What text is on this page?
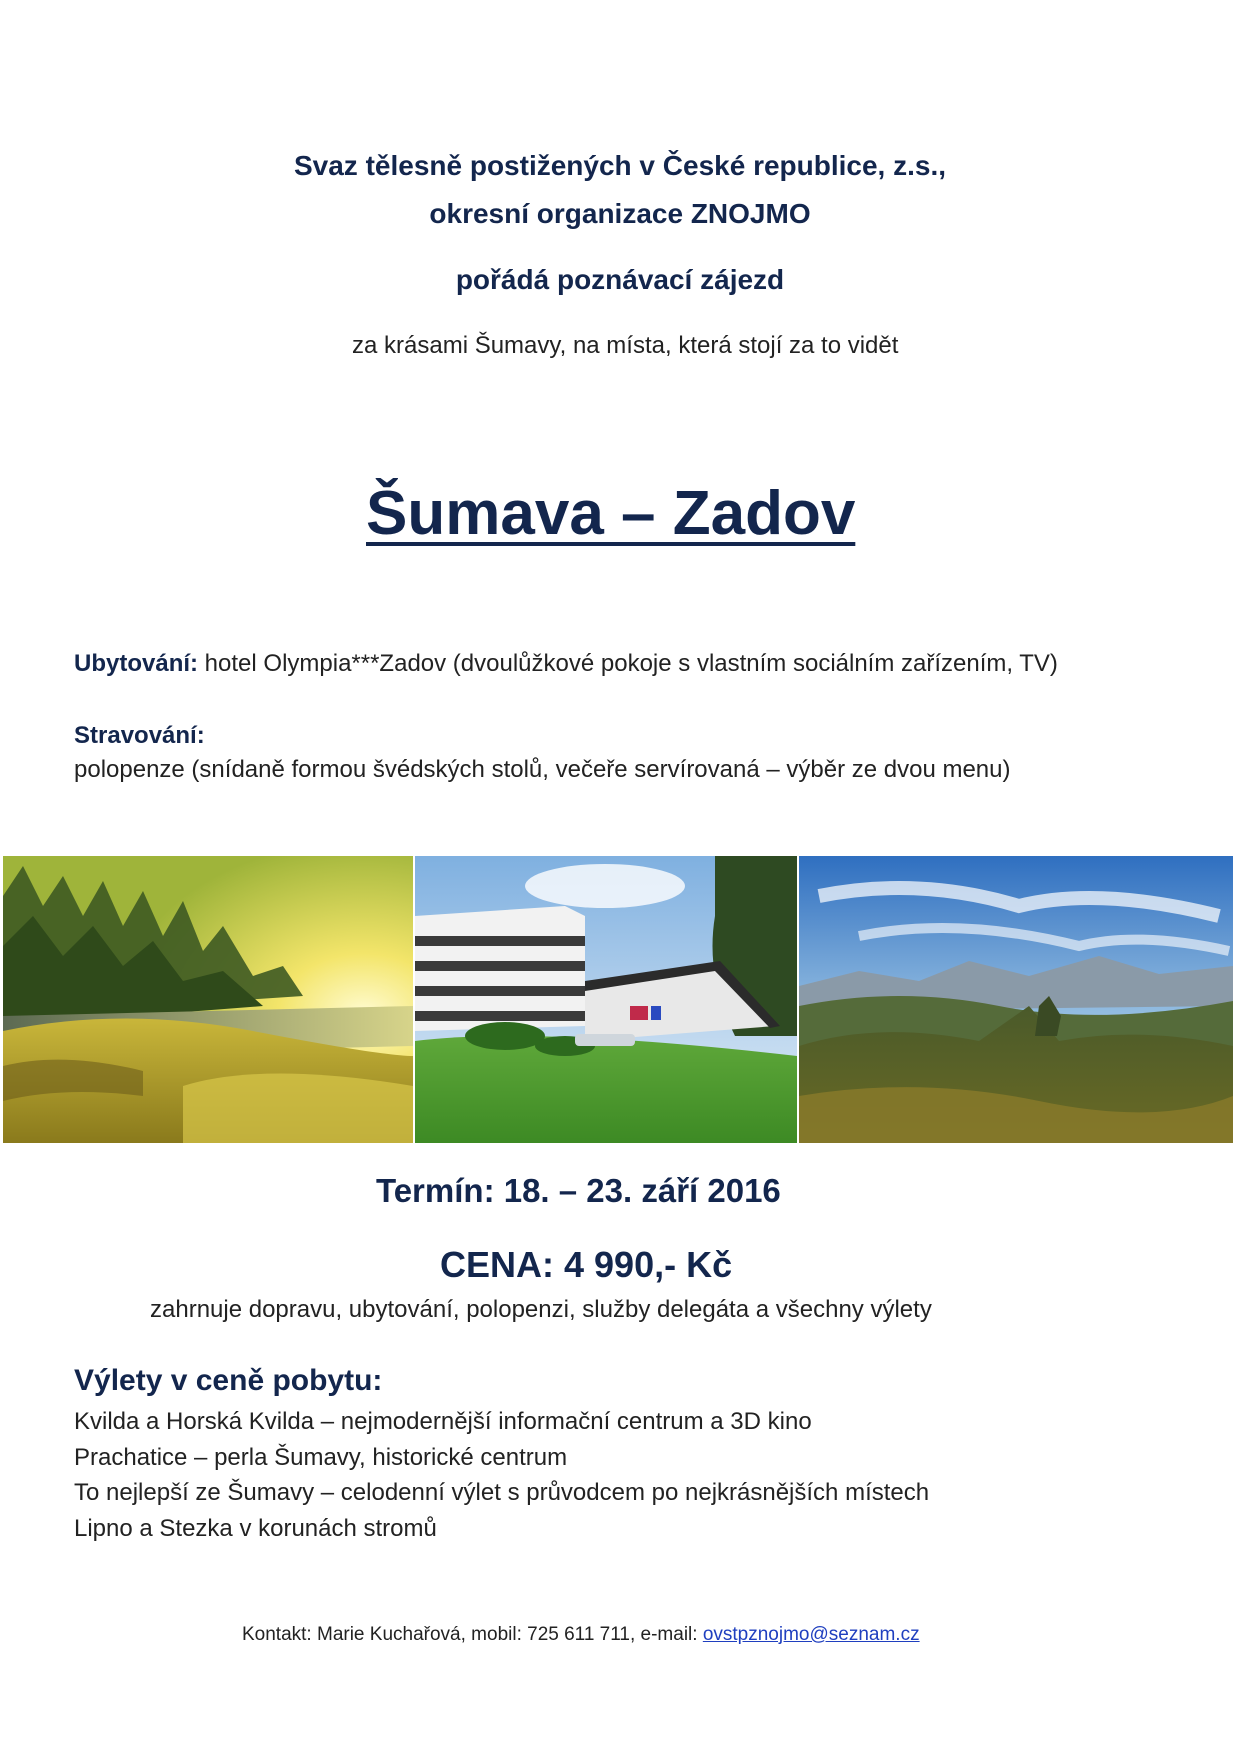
Svaz tělesně postižených v České republice, z.s.,
okresní organizace ZNOJMO
pořádá poznávací zájezd
za krásami Šumavy, na místa, která stojí za to vidět
Šumava – Zadov
Ubytování: hotel Olympia***Zadov (dvoulůžkové pokoje s vlastním sociálním zařízením, TV)
Stravování:
polopenze (snídaně formou švédských stolů, večeře servírovaná – výběr ze dvou menu)
Termín: 18. – 23. září 2016
CENA: 4 990,- Kč
zahrnuje dopravu, ubytování, polopenzi, služby delegáta a všechny výlety
Výlety v ceně pobytu:
Kvilda a Horská Kvilda – nejmodernější informační centrum a 3D kino
Prachatice – perla Šumavy, historické centrum
To nejlepší ze Šumavy – celodenní výlet s průvodcem po nejkrásnějších místech
Lipno a Stezka v korunách stromů
Kontakt: Marie Kuchařová, mobil: 725 611 711, e-mail: ovstpznojmo@seznam.cz
